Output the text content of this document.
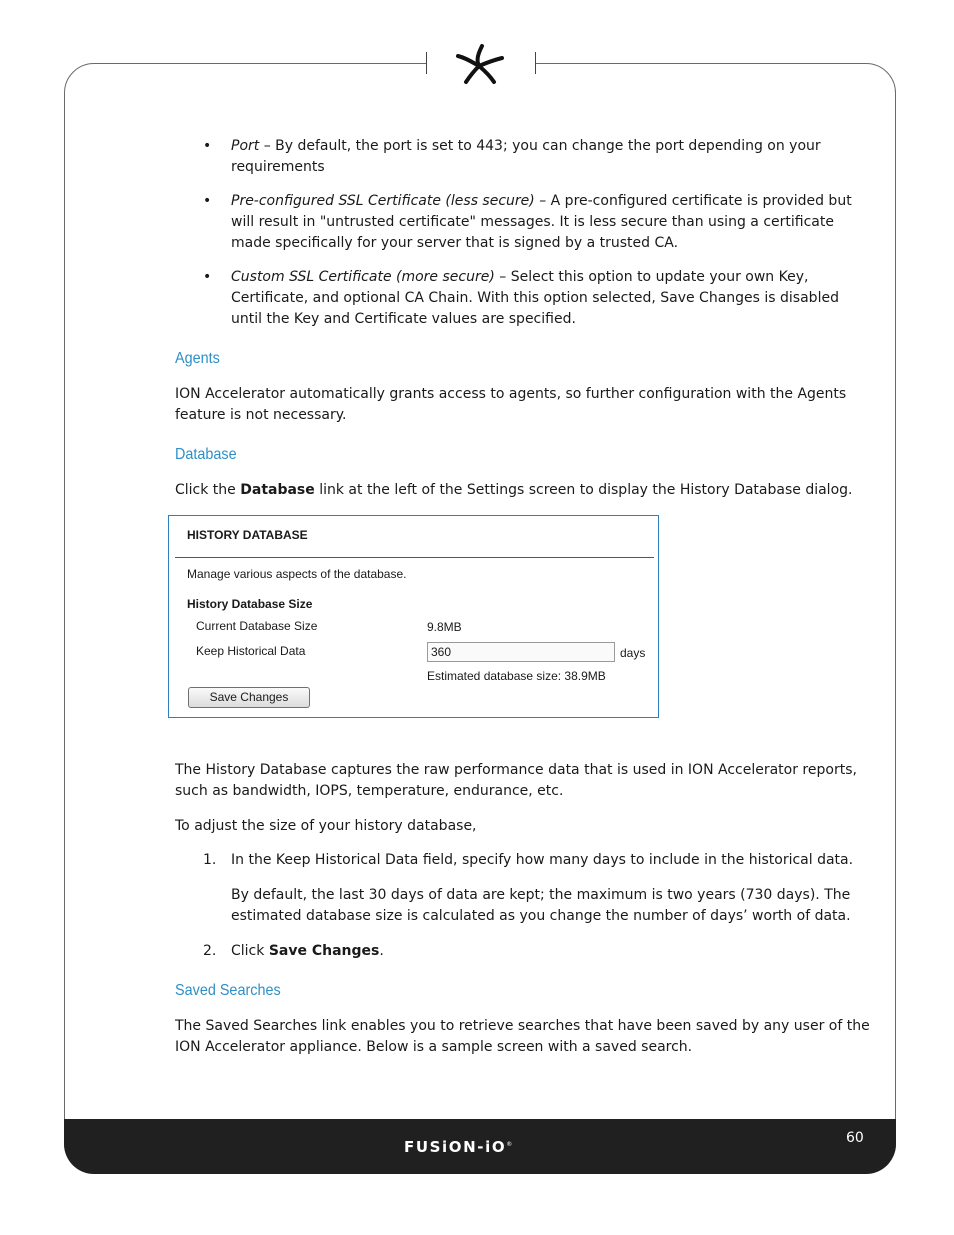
• Port – By default, the port is set to 443; you can change the port depending on your
requirements
• Pre-configured SSL Certificate (less secure) – A pre-configured certificate is provided but
will result in "untrusted certificate" messages. It is less secure than using a certificate
made specifically for your server that is signed by a trusted CA.
• Custom SSL Certificate (more secure) – Select this option to update your own Key,
Certificate, and optional CA Chain. With this option selected, Save Changes is disabled
until the Key and Certificate values are specified.
Agents
ION Accelerator automatically grants access to agents, so further configuration with the Agents
feature is not necessary.
Database
Click the Database link at the left of the Settings screen to display the History Database dialog.
HISTORY DATABASE
Manage various aspects of the database.
History Database Size
Current Database Size	9.8MB
Keep Historical Data	360	days
Estimated database size: 38.9MB
Save Changes
The History Database captures the raw performance data that is used in ION Accelerator reports,
such as bandwidth, IOPS, temperature, endurance, etc.
To adjust the size of your history database,
1. In the Keep Historical Data field, specify how many days to include in the historical data.
By default, the last 30 days of data are kept; the maximum is two years (730 days). The
estimated database size is calculated as you change the number of days’ worth of data.
2. Click Save Changes.
Saved Searches
The Saved Searches link enables you to retrieve searches that have been saved by any user of the
ION Accelerator appliance. Below is a sample screen with a saved search.
FUSiON-iO®	60
